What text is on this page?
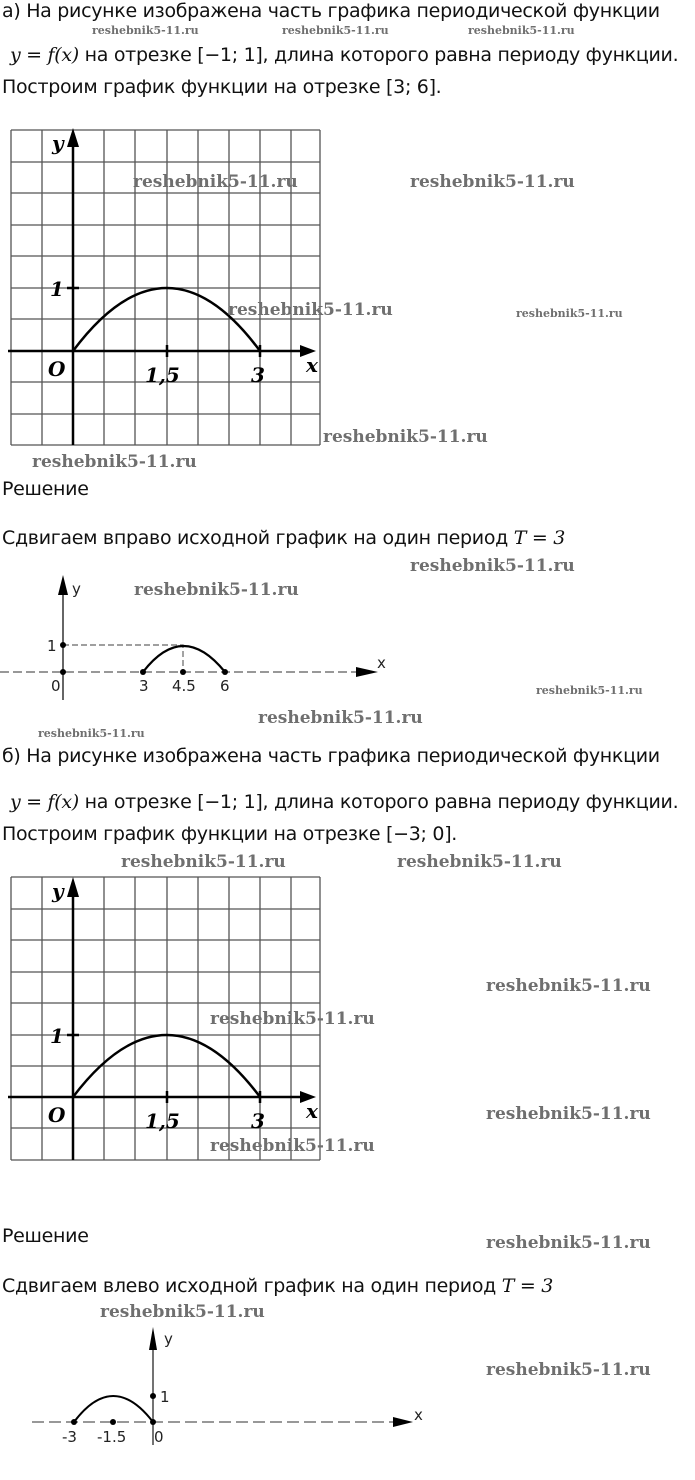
а) На рисунке изображена часть графика периодической функции
y = f(x) на отрезке [−1; 1], длина которого равна периоду функции.
Построим график функции на отрезке [3; 6].
y
x
O
1
1,5	3
Решение
Сдвигаем вправо исходной график на один период T = 3
y
x
1
0	3 4.5 6
б) На рисунке изображена часть графика периодической функции
y = f(x) на отрезке [−1; 1], длина которого равна периоду функции.
Построим график функции на отрезке [−3; 0].
y
x
O
1
1,5	3
Решение
Сдвигаем влево исходной график на один период T = 3
y
x
1
0
-3 -1.5
reshebnik5-11.ru	reshebnik5-11.ru	reshebnik5-11.ru
reshebnik5-11.ru	reshebnik5-11.ru
reshebnik5-11.ru	reshebnik5-11.ru
reshebnik5-11.ru
reshebnik5-11.ru
reshebnik5-11.ru
reshebnik5-11.ru
reshebnik5-11.ru
reshebnik5-11.ru
reshebnik5-11.ru
reshebnik5-11.ru	reshebnik5-11.ru
reshebnik5-11.ru
reshebnik5-11.ru
reshebnik5-11.ru
reshebnik5-11.ru
reshebnik5-11.ru
reshebnik5-11.ru
reshebnik5-11.ru
